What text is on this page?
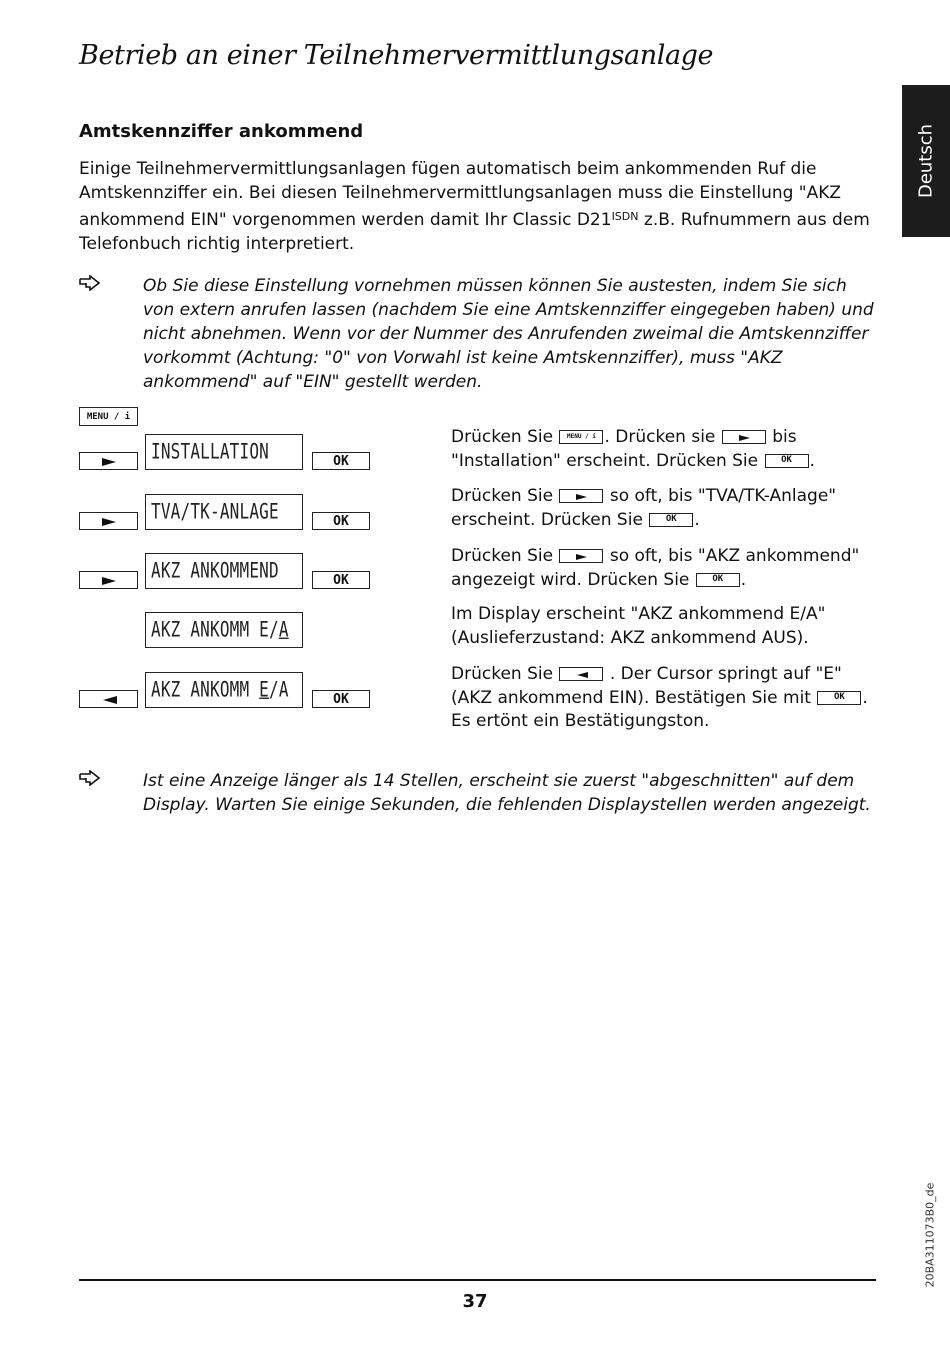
Betrieb an einer Teilnehmervermittlungsanlage
Deutsch
Amtskennziffer ankommend

Einige Teilnehmervermittlungsanlagen fügen automatisch beim ankommenden Ruf die Amtskennziffer ein. Bei diesen Teilnehmervermittlungsanlagen muss die Einstellung "AKZ ankommend EIN" vorgenommen werden damit Ihr Classic $D21^{ISDN}$ z.B. Rufnummern aus dem Telefonbuch richtig interpretiert.

Ob Sie diese Einstellung vornehmen müssen können Sie austesten, indem Sie sich von extern anrufen lassen (nachdem Sie eine Amtskennziffer eingegeben haben) und nicht abnehmen. Wenn vor der Nummer des Anrufenden zweimal die Amtskennziffer vorkommt (Achtung: "0" von Vorwahl ist keine Amtskennziffer), muss "AKZ ankommend" auf "EIN" gestellt werden.

MENU / i
INSTALLATION	OK
TVA/TK-ANLAGE	OK
AKZ ANKOMMEND	OK
AKZ ANKOMM E/A
AKZ ANKOMM E/A	OK

Drücken Sie	MENU / i . Drücken sie	bis "Installation" erscheint. Drücken Sie	OK	.

Drücken Sie	so oft, bis "TVA/TK-Anlage" erscheint. Drücken Sie	OK	.

Drücken Sie	so oft, bis "AKZ ankommend" angezeigt wird. Drücken Sie	OK	.

Im Display erscheint "AKZ ankommend E/A" (Auslieferzustand: AKZ ankommend AUS).

Drücken Sie	. Der Cursor springt auf "E" (AKZ ankommend EIN). Bestätigen Sie mit	OK	. Es ertönt ein Bestätigungston.

Ist eine Anzeige länger als 14 Stellen, erscheint sie zuerst "abgeschnitten" auf dem Display. Warten Sie einige Sekunden, die fehlenden Displaystellen werden angezeigt.

37
20BA311073B0_de
